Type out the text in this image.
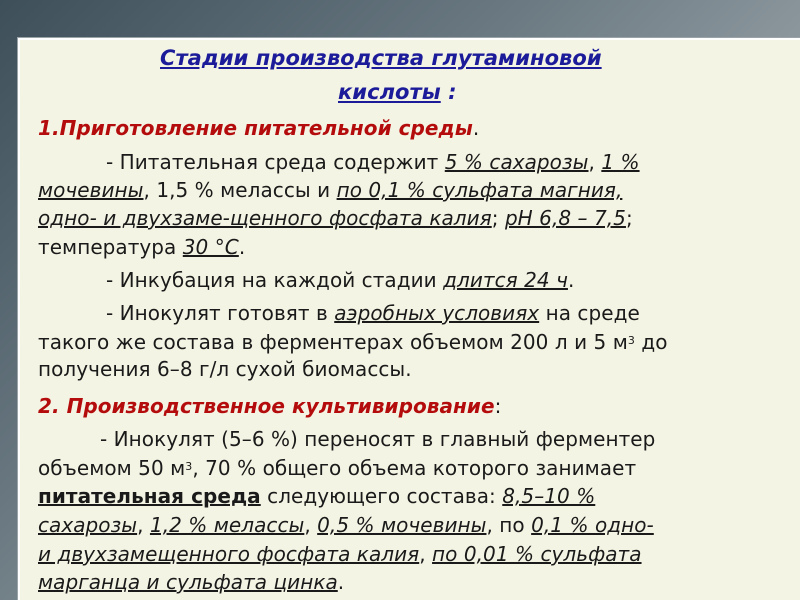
Стадии производства глутаминовой
кислоты :
1.Приготовление питательной среды.
- Питательная среда содержит 5 % сахарозы, 1 %
мочевины, 1,5 % мелассы и по 0,1 % сульфата магния,
одно- и двухзаме-щенного фосфата калия; рН 6,8 – 7,5;
температура 30 °С.
- Инкубация на каждой стадии длится 24 ч.
- Инокулят готовят в аэробных условиях на среде
такого же состава в ферментерах объемом 200 л и 5 $м^3$ до
получения 6–8 г/л сухой биомассы.
2. Производственное культивирование:
- Инокулят (5–6 %) переносят в главный ферментер
объемом 50 $м^3$, 70 % общего объема которого занимает
питательная среда следующего состава: 8,5–10 %
сахарозы, 1,2 % мелассы, 0,5 % мочевины, по 0,1 % одно-
и двухзамещенного фосфата калия, по 0,01 % сульфата
марганца и сульфата цинка.
